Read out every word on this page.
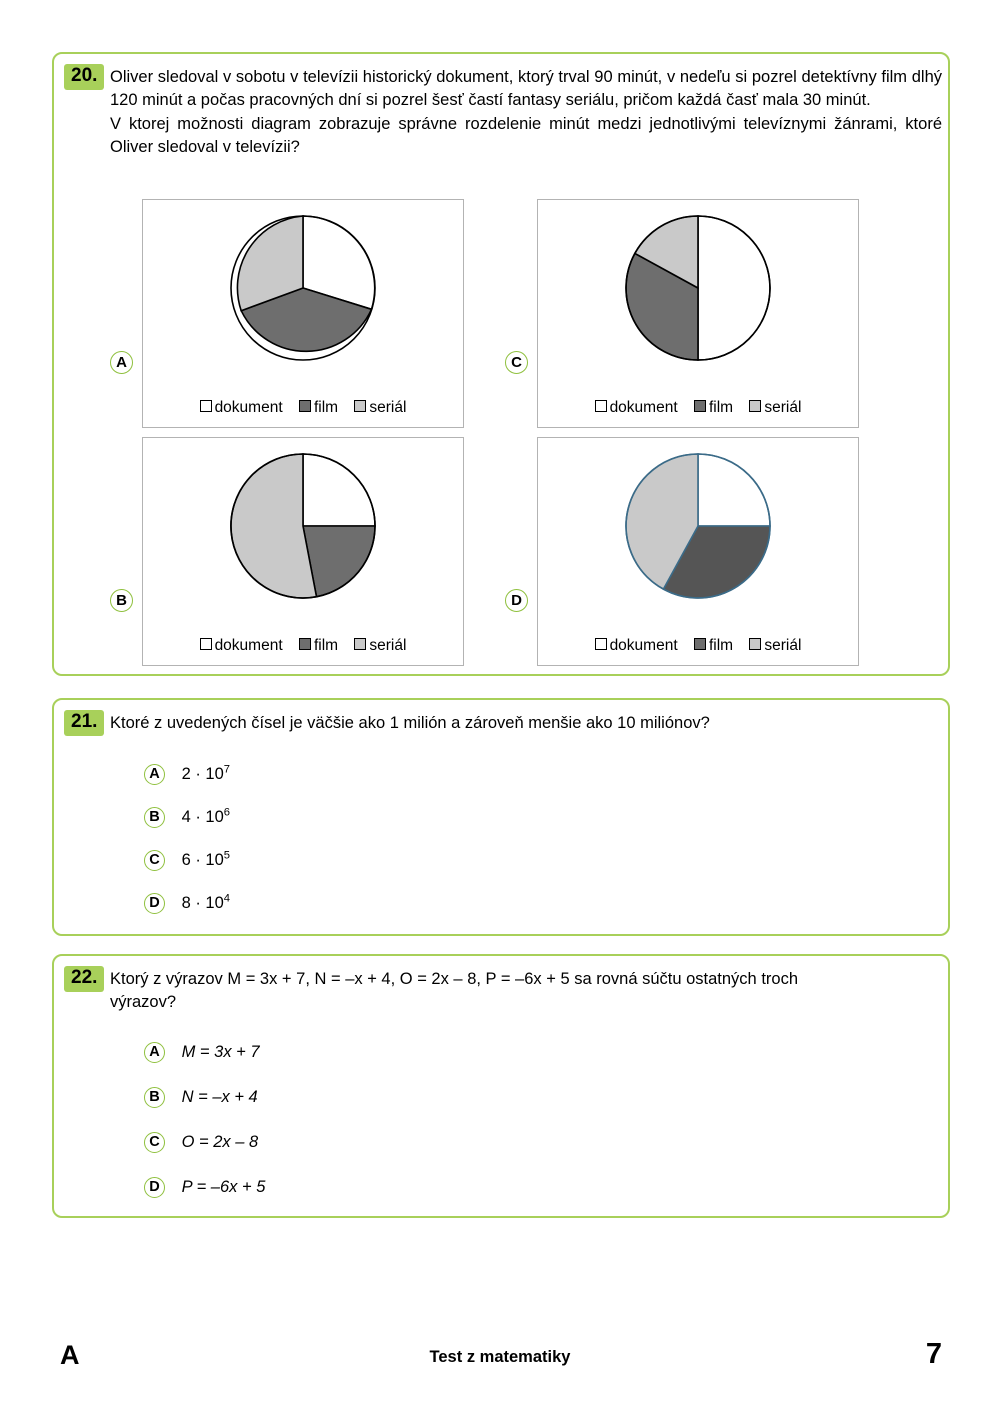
20. Oliver sledoval v sobotu v televízii historický dokument, ktorý trval 90 minút, v nedeľu si pozrel detektívny film dlhý 120 minút a počas pracovných dní si pozrel šesť častí fantasy seriálu, pričom každá časť mala 30 minút.

V ktorej možnosti diagram zobrazuje správne rozdelenie minút medzi jednotlivými televíznymi žánrami, ktoré Oliver sledoval v televízii?

dokument film seriál
A
dokument film seriál
C
dokument film seriál
B
dokument film seriál
D
21. Ktoré z uvedených čísel je väčšie ako 1 milión a zároveň menšie ako 10 miliónov?

A $2 \cdot 10^7$
B $4 \cdot 10^6$
C $6 \cdot 10^5$
D $8 \cdot 10^4$
22. Ktorý z výrazov M = 3x + 7, N = –x + 4, O = 2x – 8, P = –6x + 5 sa rovná súčtu ostatných troch

výrazov?

A M = 3x + 7
B N = –x + 4
C O = 2x – 8
D P = –6x + 5
A	Test z matematiky	7
